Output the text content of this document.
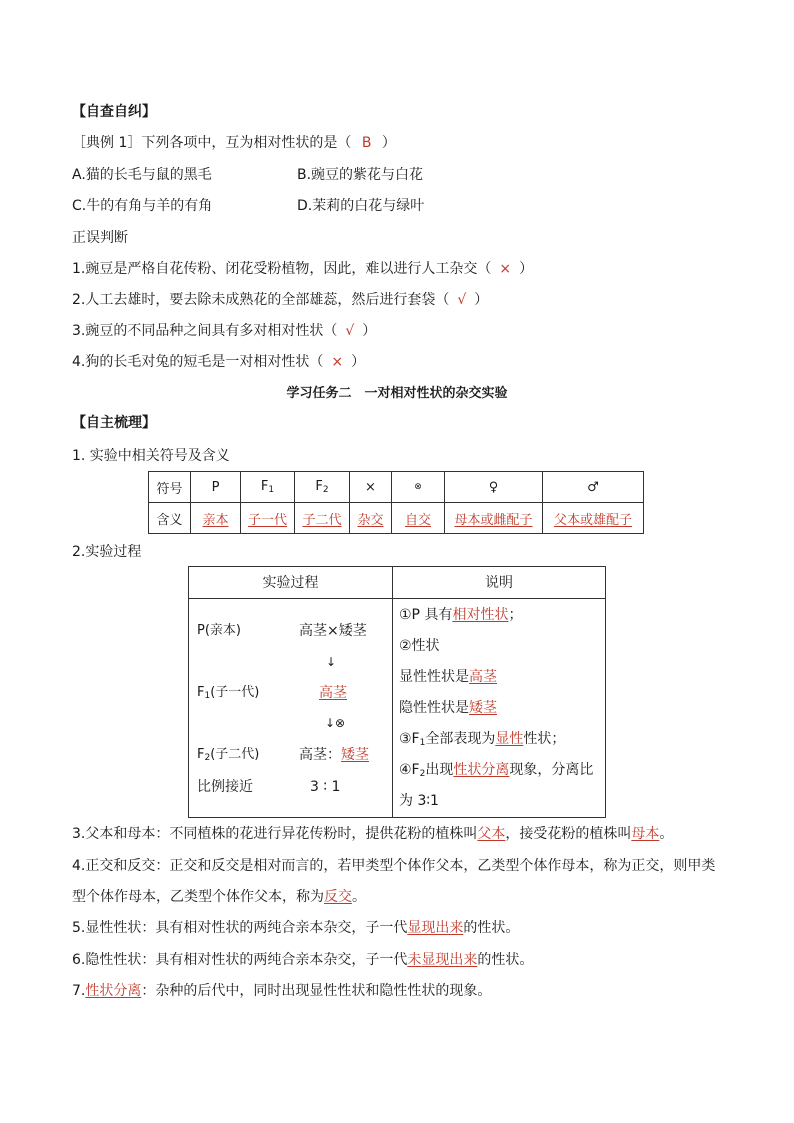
【自查自纠】
［典例 1］下列各项中，互为相对性状的是（ B ）
A.猫的长毛与鼠的黑毛	B.豌豆的紫花与白花
C.牛的有角与羊的有角	D.茉莉的白花与绿叶
正误判断
1.豌豆是严格自花传粉、闭花受粉植物，因此，难以进行人工杂交（ × ）
2.人工去雄时，要去除未成熟花的全部雄蕊，然后进行套袋（ √ ）
3.豌豆的不同品种之间具有多对相对性状（ √ ）
4.狗的长毛对兔的短毛是一对相对性状（ × ）
学习任务二　一对相对性状的杂交实验
【自主梳理】
1. 实验中相关符号及含义
符号	P	$F_1$	$F_2$	×	⊗	♀	♂
含义	亲本	子一代	子二代	杂交	自交	母本或雌配子	父本或雄配子
2.实验过程
实验过程	说明
P(亲本)	高茎×矮茎
↓
$F_1$(子一代)	高茎
↓⊗
$F_2$(子二代)	高茎：矮茎
比例接近	3 ∶ 1
①P 具有相对性状；
②性状
显性性状是高茎
隐性性状是矮茎
$③F_1$全部表现为显性性状；
$④F_2$出现性状分离现象，分离比
为 3∶1
3.父本和母本：不同植株的花进行异花传粉时，提供花粉的植株叫父本，接受花粉的植株叫母本。
4.正交和反交：正交和反交是相对而言的，若甲类型个体作父本，乙类型个体作母本，称为正交，则甲类
型个体作母本，乙类型个体作父本，称为反交。
5.显性性状：具有相对性状的两纯合亲本杂交，子一代显现出来的性状。
6.隐性性状：具有相对性状的两纯合亲本杂交，子一代未显现出来的性状。
7.性状分离：杂种的后代中，同时出现显性性状和隐性性状的现象。
